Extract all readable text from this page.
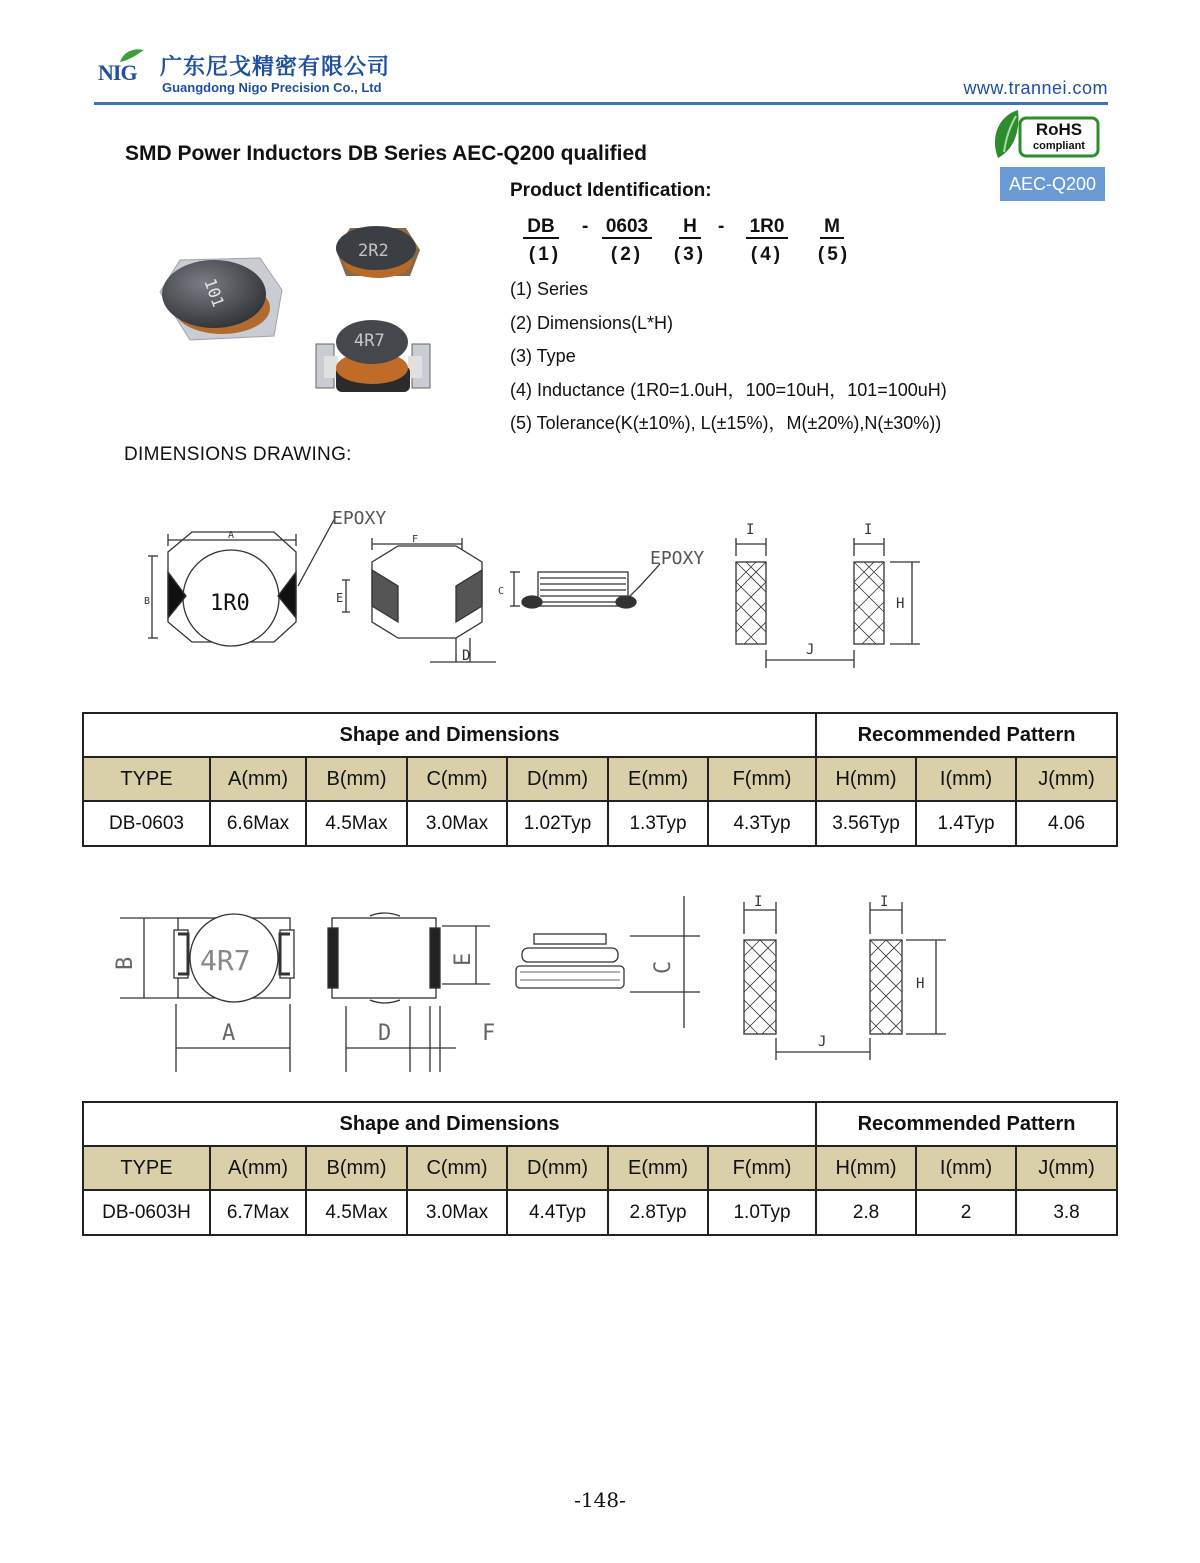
NIG 广东尼戈精密有限公司
Guangdong Nigo Precision Co., Ltd	www.trannei.com
RoHS
compliant
AEC-Q200
SMD Power Inductors DB Series AEC-Q200 qualified
Product Identification:
DB	- 0603	H	-	1R0	M
(1)	(2)	(3)	(4)	(5)
(1) Series
(2) Dimensions(L*H)
(3) Type
(4) Inductance (1R0=1.0uH，100=10uH，101=100uH)
(5) Tolerance(K(±10%), L(±15%)，M(±20%),N(±30%))
101
2R2
4R7
DIMENSIONS DRAWING:
1R0
EPOXY
EPOXY
A
B
F
E
D
C
I	I
J
H
Shape and Dimensions							Recommended Pattern		
TYPE	A(mm)	B(mm)	C(mm)	D(mm)	E(mm)	F(mm)	H(mm)	I(mm)	J(mm)
DB-0603	6.6Max	4.5Max	3.0Max	1.02Typ	1.3Typ	4.3Typ	3.56Typ	1.4Typ	4.06
4R7
A
B
D	F
E
C
I	I
J
H
Shape and Dimensions							Recommended Pattern		
TYPE	A(mm)	B(mm)	C(mm)	D(mm)	E(mm)	F(mm)	H(mm)	I(mm)	J(mm)
DB-0603H	6.7Max	4.5Max	3.0Max	4.4Typ	2.8Typ	1.0Typ	2.8	2	3.8
-148-
